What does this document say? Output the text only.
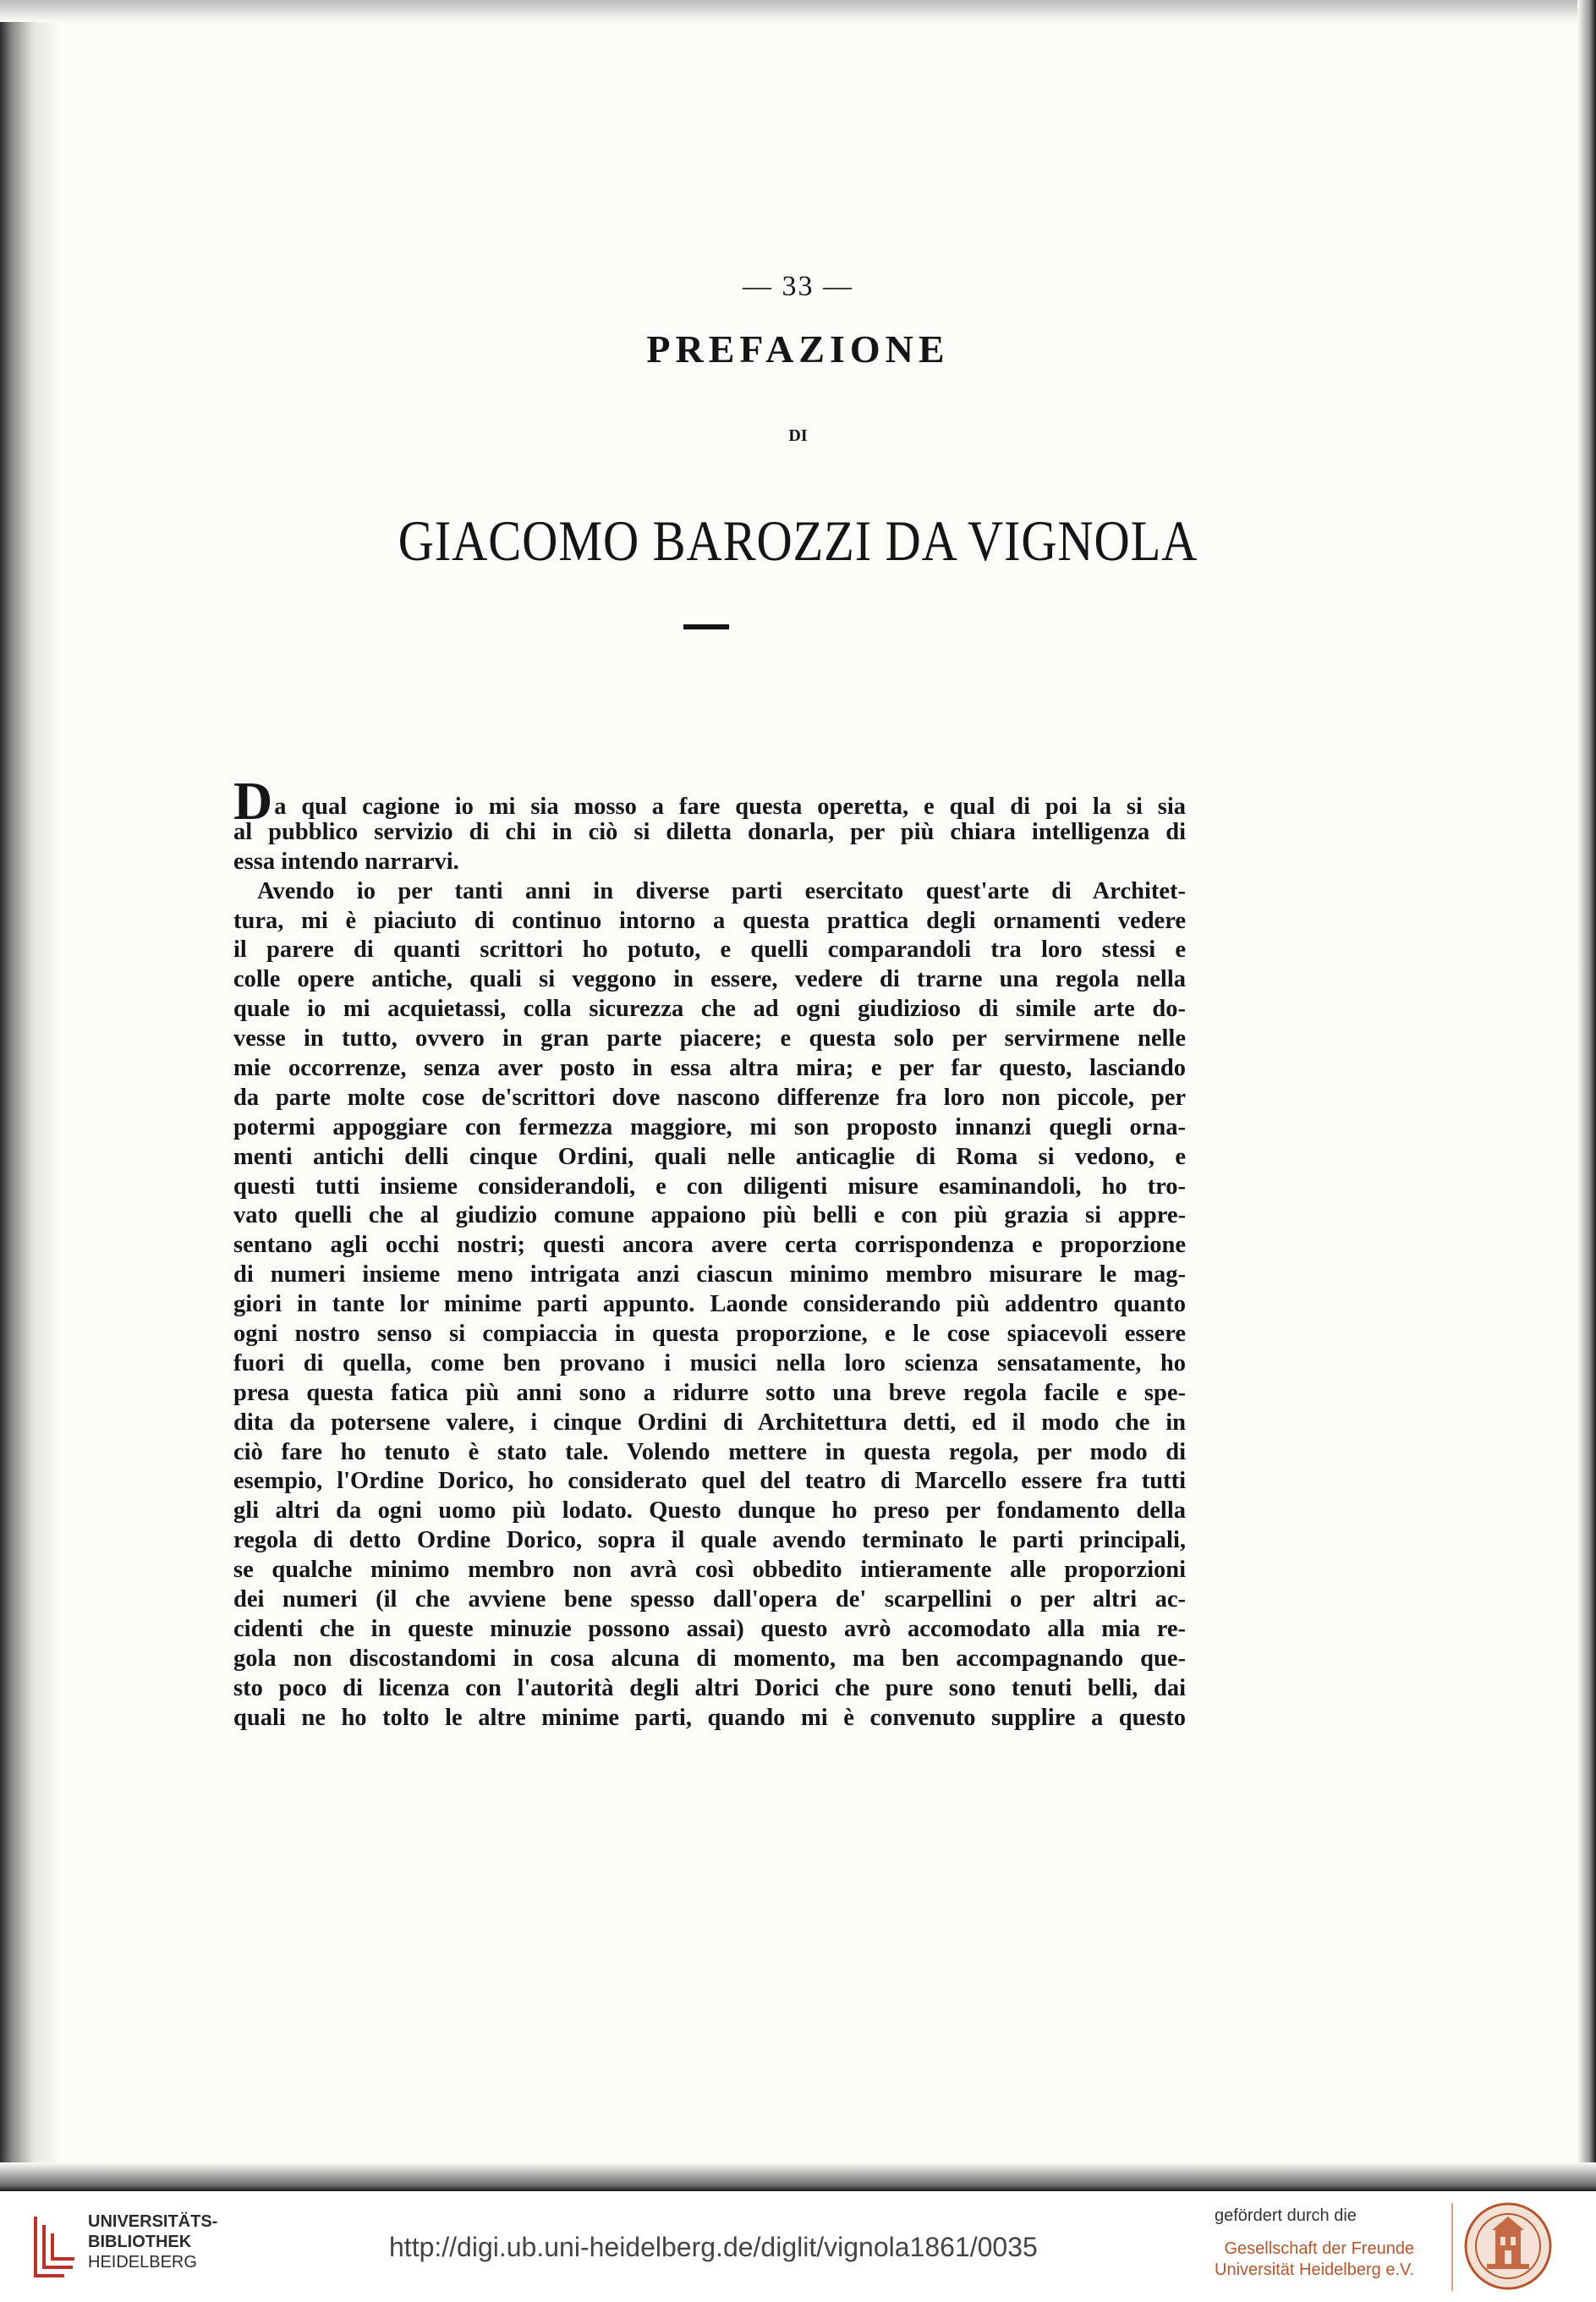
— 33 —
PREFAZIONE
DI
GIACOMO BAROZZI DA VIGNOLA
Da qual cagione io mi sia mosso a fare questa operetta, e qual di poi la si sia
al pubblico servizio di chi in ciò si diletta donarla, per più chiara intelligenza di
essa intendo narrarvi.
Avendo io per tanti anni in diverse parti esercitato quest'arte di Architet-
tura, mi è piaciuto di continuo intorno a questa prattica degli ornamenti vedere
il parere di quanti scrittori ho potuto, e quelli comparandoli tra loro stessi e
colle opere antiche, quali si veggono in essere, vedere di trarne una regola nella
quale io mi acquietassi, colla sicurezza che ad ogni giudizioso di simile arte do-
vesse in tutto, ovvero in gran parte piacere; e questa solo per servirmene nelle
mie occorrenze, senza aver posto in essa altra mira; e per far questo, lasciando
da parte molte cose de'scrittori dove nascono differenze fra loro non piccole, per
potermi appoggiare con fermezza maggiore, mi son proposto innanzi quegli orna-
menti antichi delli cinque Ordini, quali nelle anticaglie di Roma si vedono, e
questi tutti insieme considerandoli, e con diligenti misure esaminandoli, ho tro-
vato quelli che al giudizio comune appaiono più belli e con più grazia si appre-
sentano agli occhi nostri; questi ancora avere certa corrispondenza e proporzione
di numeri insieme meno intrigata anzi ciascun minimo membro misurare le mag-
giori in tante lor minime parti appunto. Laonde considerando più addentro quanto
ogni nostro senso si compiaccia in questa proporzione, e le cose spiacevoli essere
fuori di quella, come ben provano i musici nella loro scienza sensatamente, ho
presa questa fatica più anni sono a ridurre sotto una breve regola facile e spe-
dita da potersene valere, i cinque Ordini di Architettura detti, ed il modo che in
ciò fare ho tenuto è stato tale. Volendo mettere in questa regola, per modo di
esempio, l'Ordine Dorico, ho considerato quel del teatro di Marcello essere fra tutti
gli altri da ogni uomo più lodato. Questo dunque ho preso per fondamento della
regola di detto Ordine Dorico, sopra il quale avendo terminato le parti principali,
se qualche minimo membro non avrà così obbedito intieramente alle proporzioni
dei numeri (il che avviene bene spesso dall'opera de' scarpellini o per altri ac-
cidenti che in queste minuzie possono assai) questo avrò accomodato alla mia re-
gola non discostandomi in cosa alcuna di momento, ma ben accompagnando que-
sto poco di licenza con l'autorità degli altri Dorici che pure sono tenuti belli, dai
quali ne ho tolto le altre minime parti, quando mi è convenuto supplire a questo
UNIVERSITÄTS-
BIBLIOTHEK
HEIDELBERG	http://digi.ub.uni-heidelberg.de/diglit/vignola1861/0035
gefördert durch die
Gesellschaft der Freunde
Universität Heidelberg e.V.
